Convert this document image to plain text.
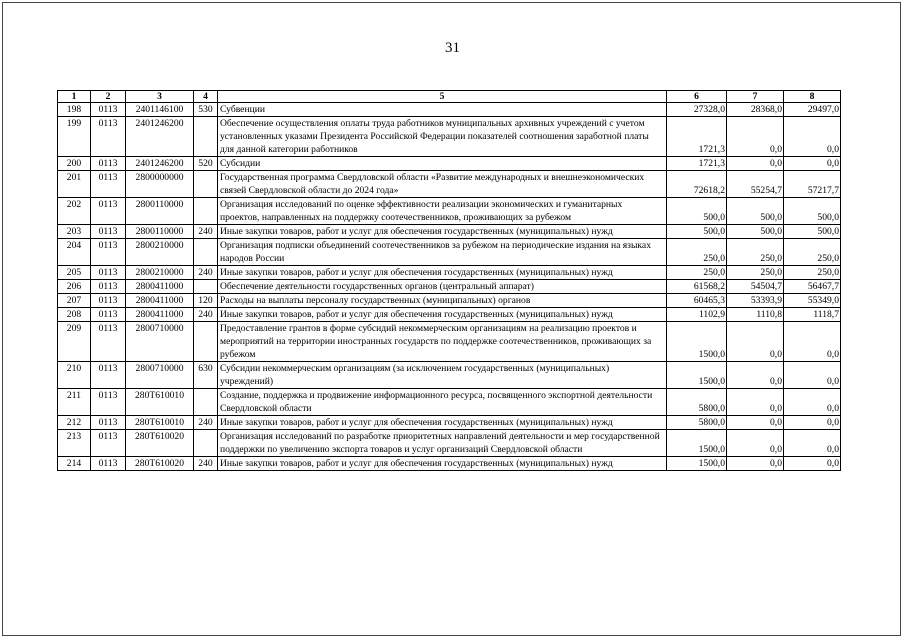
31
1	2	3	4	5	6	7	8
198	0113	2401146100	530	Субвенции	27328,0	28368,0	29497,0
199	0113	2401246200		Обеспечение осуществления оплаты труда работников муниципальных архивных учреждений с учетом установленных указами Президента Российской Федерации показателей соотношения заработной платы для данной категории работников	1721,3	0,0	0,0
200	0113	2401246200	520	Субсидии	1721,3	0,0	0,0
201	0113	2800000000		Государственная программа Свердловской области «Развитие международных и внешнеэкономических связей Свердловской области до 2024 года»	72618,2	55254,7	57217,7
202	0113	2800110000		Организация исследований по оценке эффективности реализации экономических и гуманитарных проектов, направленных на поддержку соотечественников, проживающих за рубежом	500,0	500,0	500,0
203	0113	2800110000	240	Иные закупки товаров, работ и услуг для обеспечения государственных (муниципальных) нужд	500,0	500,0	500,0
204	0113	2800210000		Организация подписки объединений соотечественников за рубежом на периодические издания на языках народов России	250,0	250,0	250,0
205	0113	2800210000	240	Иные закупки товаров, работ и услуг для обеспечения государственных (муниципальных) нужд	250,0	250,0	250,0
206	0113	2800411000		Обеспечение деятельности государственных органов (центральный аппарат)	61568,2	54504,7	56467,7
207	0113	2800411000	120	Расходы на выплаты персоналу государственных (муниципальных) органов	60465,3	53393,9	55349,0
208	0113	2800411000	240	Иные закупки товаров, работ и услуг для обеспечения государственных (муниципальных) нужд	1102,9	1110,8	1118,7
209	0113	2800710000		Предоставление грантов в форме субсидий некоммерческим организациям на реализацию проектов и мероприятий на территории иностранных государств по поддержке соотечественников, проживающих за рубежом	1500,0	0,0	0,0
210	0113	2800710000	630	Субсидии некоммерческим организациям (за исключением государственных (муниципальных) учреждений)	1500,0	0,0	0,0
211	0113	280Т610010		Создание, поддержка и продвижение информационного ресурса, посвященного экспортной деятельности Свердловской области	5800,0	0,0	0,0
212	0113	280Т610010	240	Иные закупки товаров, работ и услуг для обеспечения государственных (муниципальных) нужд	5800,0	0,0	0,0
213	0113	280Т610020		Организация исследований по разработке приоритетных направлений деятельности и мер государственной поддержки по увеличению экспорта товаров и услуг организаций Свердловской области	1500,0	0,0	0,0
214	0113	280Т610020	240	Иные закупки товаров, работ и услуг для обеспечения государственных (муниципальных) нужд	1500,0	0,0	0,0
